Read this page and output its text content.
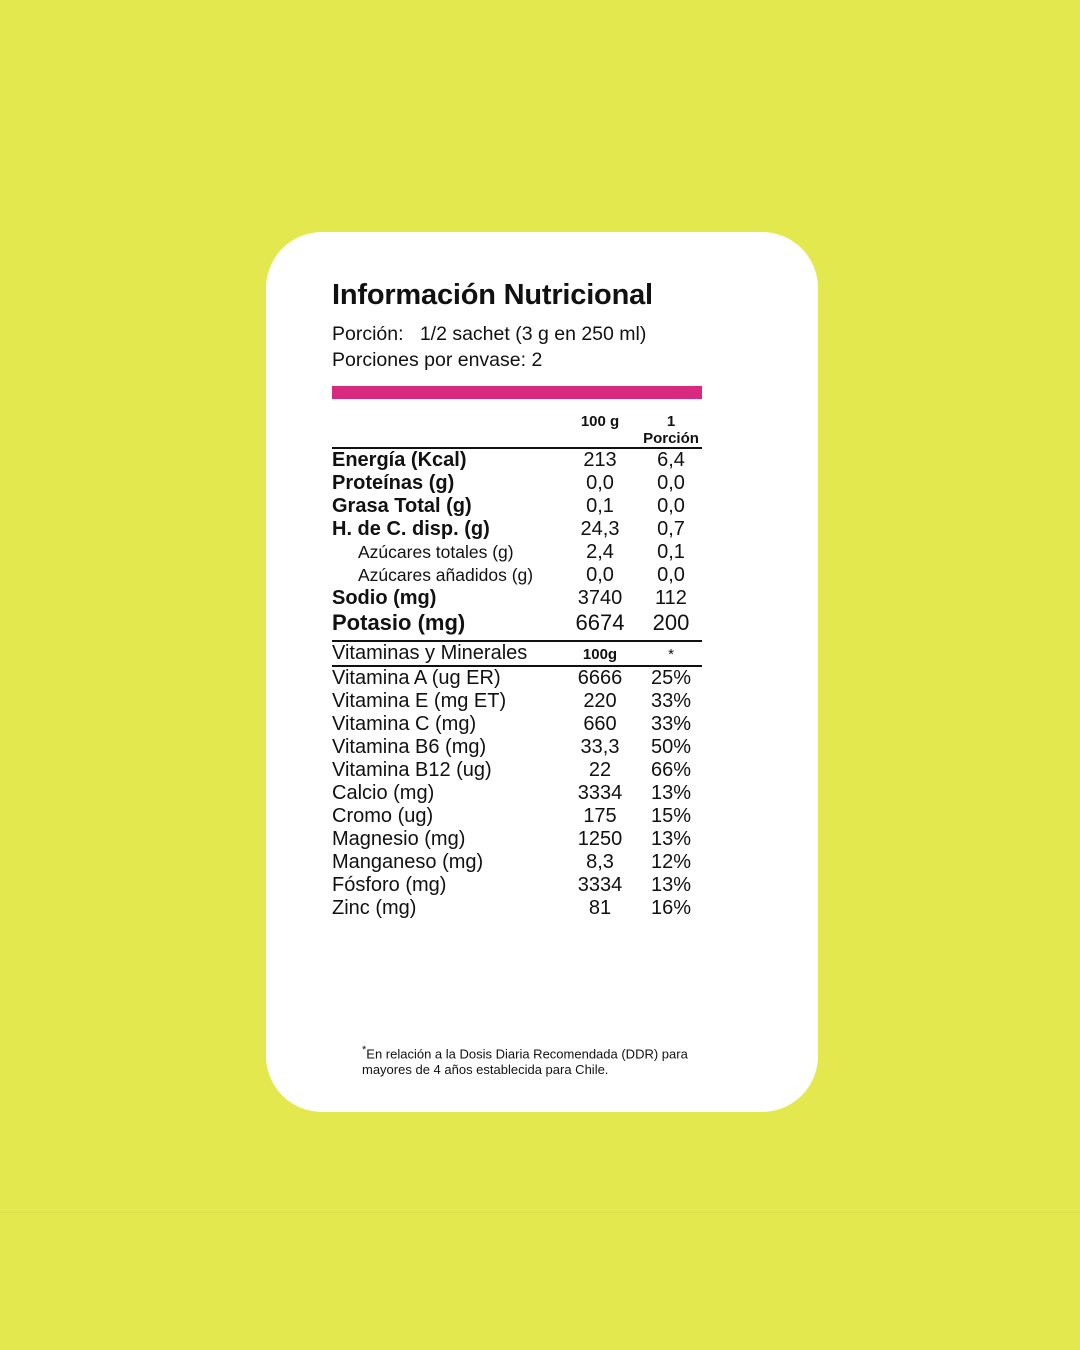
Información Nutricional
Porción: 1/2 sachet (3 g en 250 ml)
Porciones por envase: 2
	100 g	1 Porción
Energía (Kcal)	213	6,4
Proteínas (g)	0,0	0,0
Grasa Total (g)	0,1	0,0
H. de C. disp. (g)	24,3	0,7
Azúcares totales (g)	2,4	0,1
Azúcares añadidos (g)	0,0	0,0
Sodio (mg)	3740	112
Potasio (mg)	6674	200

Vitaminas y Minerales	100g	*
Vitamina A (ug ER)	6666	25%
Vitamina E (mg ET)	220	33%
Vitamina C (mg)	660	33%
Vitamina B6 (mg)	33,3	50%
Vitamina B12 (ug)	22	66%
Calcio (mg)	3334	13%
Cromo (ug)	175	15%
Magnesio (mg)	1250	13%
Manganeso (mg)	8,3	12%
Fósforo (mg)	3334	13%
Zinc (mg)	81	16%
*En relación a la Dosis Diaria Recomendada (DDR) para mayores de 4 años establecida para Chile.
